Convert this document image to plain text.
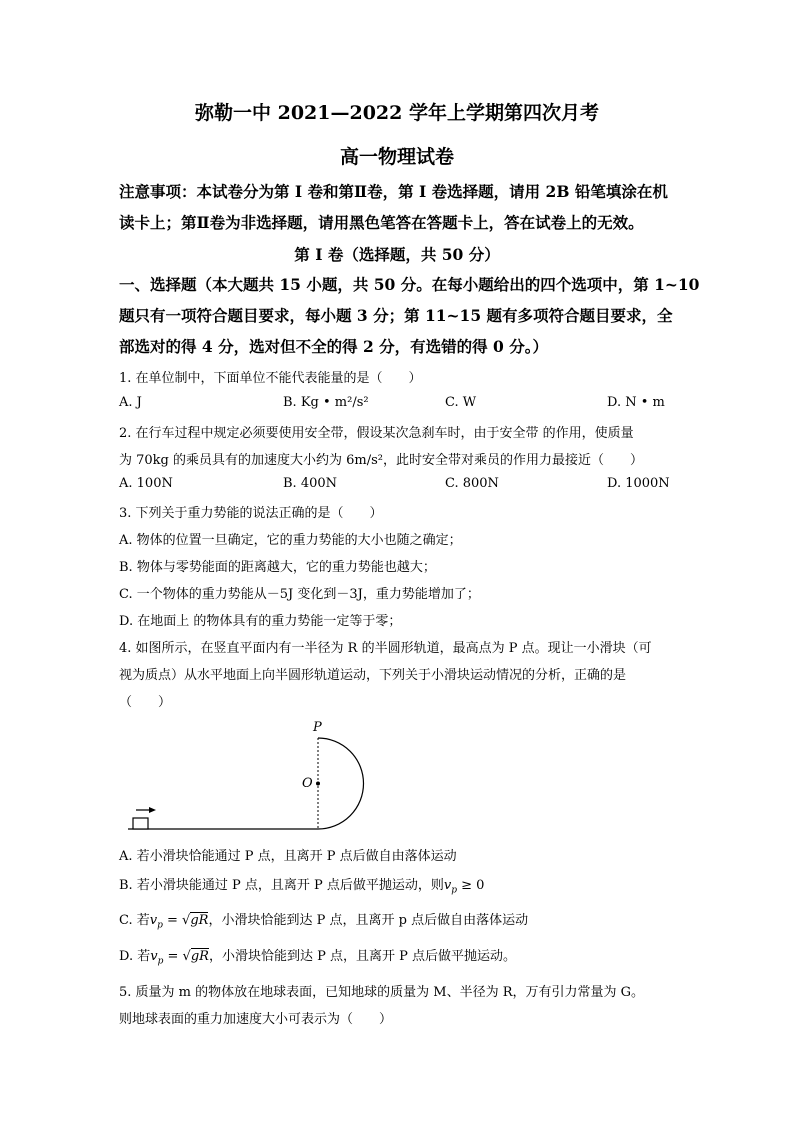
弥勒一中 2021—2022 学年上学期第四次月考
高一物理试卷
注意事项：本试卷分为第 I 卷和第Ⅱ卷，第 I 卷选择题，请用 2B 铅笔填涂在机
读卡上；第Ⅱ卷为非选择题，请用黑色笔答在答题卡上，答在试卷上的无效。
第 I 卷（选择题，共 50 分）
一、选择题（本大题共 15 小题，共 50 分。在每小题给出的四个选项中，第 1~10
题只有一项符合题目要求，每小题 3 分；第 11~15 题有多项符合题目要求，全
部选对的得 4 分，选对但不全的得 2 分，有选错的得 0 分。）
1. 在单位制中，下面单位不能代表能量的是（　　）
A. J	B. Kg • m²/s²	C. W	D. N • m
2. 在行车过程中规定必须要使用安全带，假设某次急刹车时，由于安全带 的作用，使质量
为 70kg 的乘员具有的加速度大小约为 6m/s²，此时安全带对乘员的作用力最接近（　　）
A. 100N	B. 400N	C. 800N	D. 1000N
3. 下列关于重力势能的说法正确的是（　　）
A. 物体的位置一旦确定，它的重力势能的大小也随之确定；
B. 物体与零势能面的距离越大，它的重力势能也越大；
C. 一个物体的重力势能从－5J 变化到－3J，重力势能增加了；
D. 在地面上 的物体具有的重力势能一定等于零；
4. 如图所示，在竖直平面内有一半径为 R 的半圆形轨道，最高点为 P 点。现让一小滑块（可
视为质点）从水平地面上向半圆形轨道运动，下列关于小滑块运动情况的分析，正确的是
（　　）
P
O
A. 若小滑块恰能通过 P 点，且离开 P 点后做自由落体运动
B. 若小滑块能通过 P 点，且离开 P 点后做平抛运动，则$v_p \ge 0$
C. 若$v_p = √gR$，小滑块恰能到达 P 点，且离开 p 点后做自由落体运动
D. 若$v_p = √gR$，小滑块恰能到达 P 点，且离开 P 点后做平抛运动。
5. 质量为 m 的物体放在地球表面，已知地球的质量为 M、半径为 R，万有引力常量为 G。
则地球表面的重力加速度大小可表示为（　　）
